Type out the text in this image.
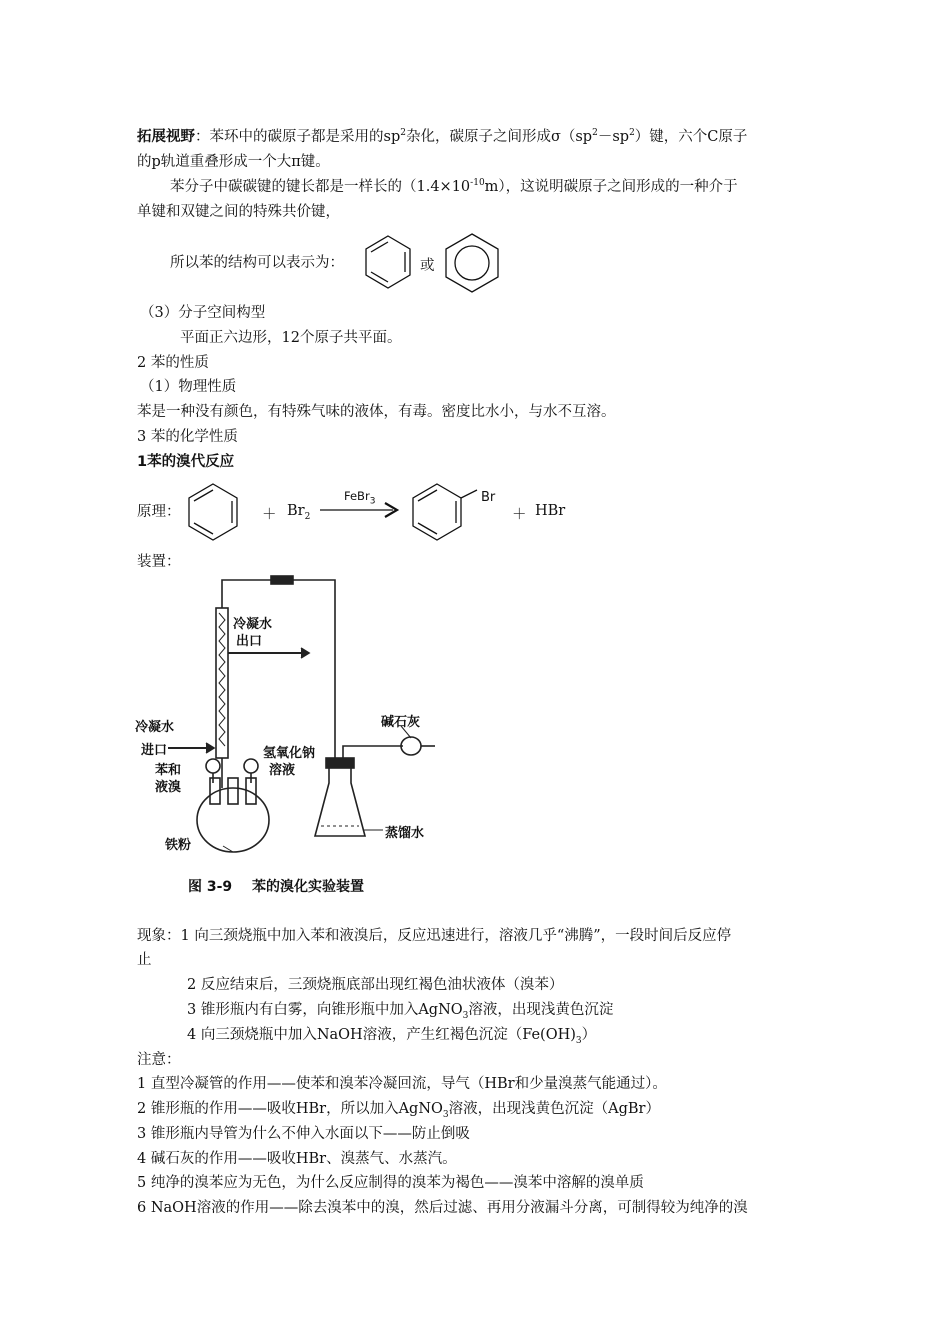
拓展视野：苯环中的碳原子都是采用的$sp^2$杂化，碳原子之间形成$\sigma(sp^2-sp^2)$键，六个C原子
的p轨道重叠形成一个大π键。
苯分子中碳碳键的键长都是一样长的$(1.4\times 10^{-10}m)$，这说明碳原子之间形成的一种介于
单键和双键之间的特殊共价键，
所以苯的结构可以表示为：	或
（3）分子空间构型
平面正六边形，12个原子共平面。
2 苯的性质
（1）物理性质
苯是一种没有颜色，有特殊气味的液体，有毒。密度比水小，与水不互溶。
3 苯的化学性质
1苯的溴代反应
原理：	＋ $Br_2$
FeBr$_3$	Br
＋ HBr
装置：
冷凝水
出口
冷凝水
进口
苯和
液溴
氢氧化钠
溶液
碱石灰
铁粉
蒸馏水
图 3-9 苯的溴化实验装置
现象：1 向三颈烧瓶中加入苯和液溴后，反应迅速进行，溶液几乎“沸腾”，一段时间后反应停
止
2 反应结束后，三颈烧瓶底部出现红褐色油状液体（溴苯）
3 锥形瓶内有白雾，向锥形瓶中加入AgNO$_3$溶液，出现浅黄色沉淀
4 向三颈烧瓶中加入NaOH溶液，产生红褐色沉淀$(Fe(OH)_3)$
注意：
1 直型冷凝管的作用——使苯和溴苯冷凝回流，导气（HBr和少量溴蒸气能通过）。
2 锥形瓶的作用——吸收HBr，所以加入AgNO$_3$溶液，出现浅黄色沉淀（AgBr）
3 锥形瓶内导管为什么不伸入水面以下——防止倒吸
4 碱石灰的作用——吸收HBr、溴蒸气、水蒸汽。
5 纯净的溴苯应为无色，为什么反应制得的溴苯为褐色——溴苯中溶解的溴单质
6 NaOH溶液的作用——除去溴苯中的溴，然后过滤、再用分液漏斗分离，可制得较为纯净的溴
